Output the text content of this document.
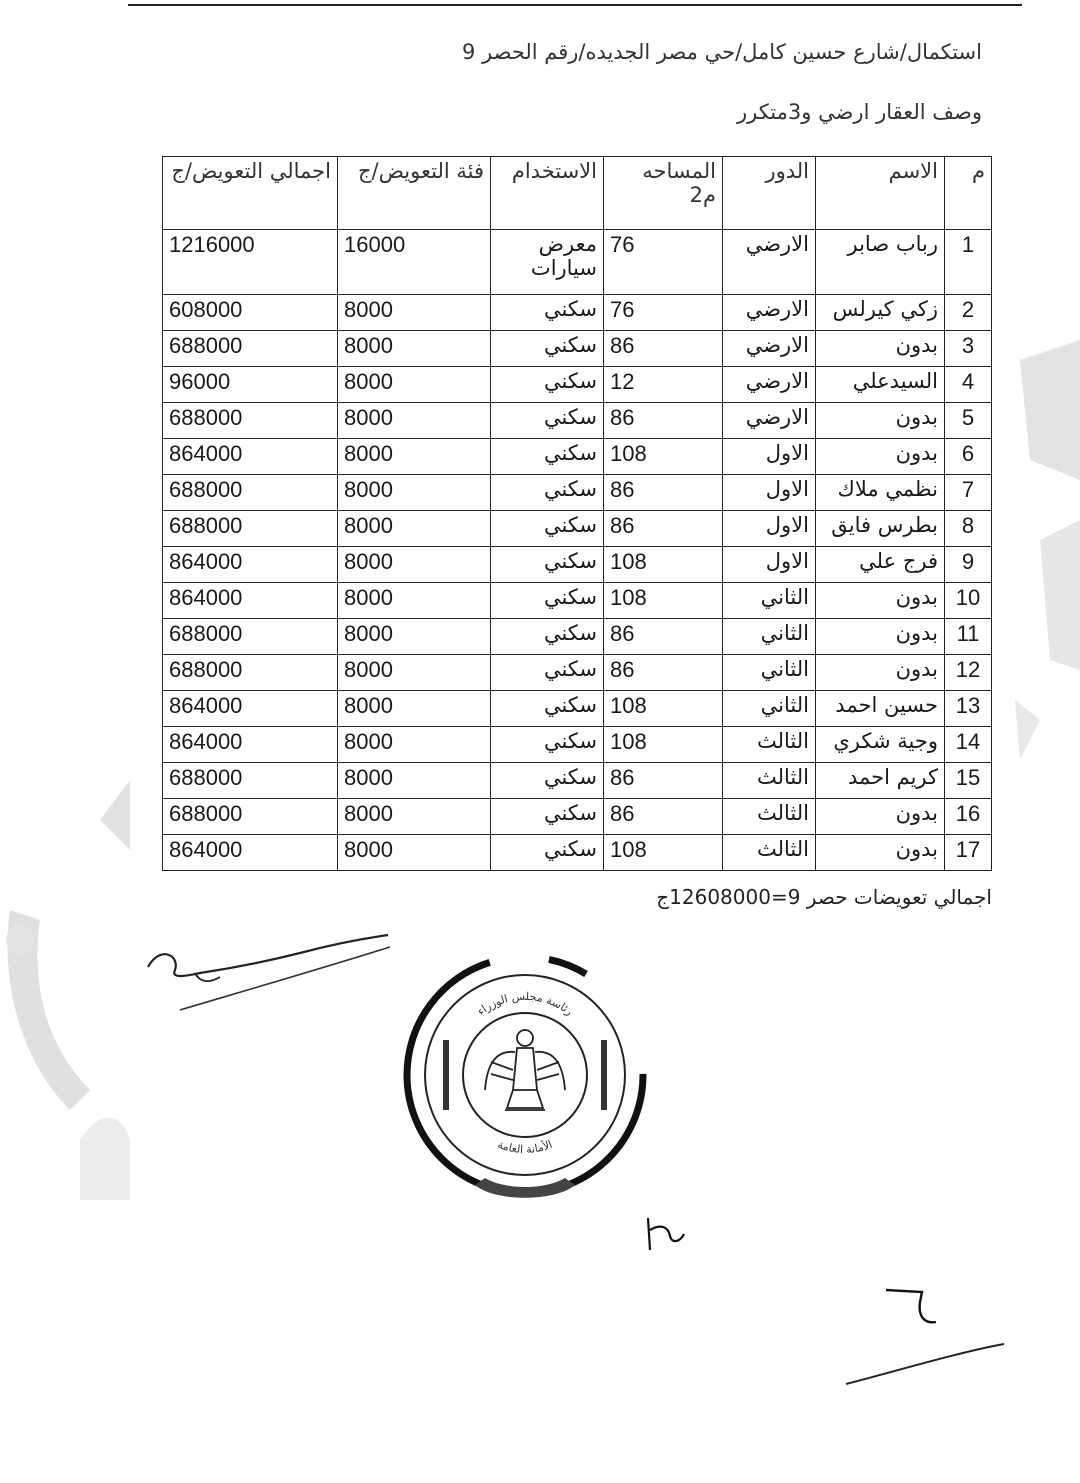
استكمال/شارع حسين كامل/حي مصر الجديده/رقم الحصر 9
وصف العقار ارضي و3متكرر
م	الاسم	الدور	المساحه م2	الاستخدام	فئة التعويض/ج	اجمالي التعويض/ج
1	رباب صابر	الارضي	76	معرض سيارات	16000	1216000
2	زكي كيرلس	الارضي	76	سكني	8000	608000
3	بدون	الارضي	86	سكني	8000	688000
4	السيدعلي	الارضي	12	سكني	8000	96000
5	بدون	الارضي	86	سكني	8000	688000
6	بدون	الاول	108	سكني	8000	864000
7	نظمي ملاك	الاول	86	سكني	8000	688000
8	بطرس فايق	الاول	86	سكني	8000	688000
9	فرج علي	الاول	108	سكني	8000	864000
10	بدون	الثاني	108	سكني	8000	864000
11	بدون	الثاني	86	سكني	8000	688000
12	بدون	الثاني	86	سكني	8000	688000
13	حسين احمد	الثاني	108	سكني	8000	864000
14	وجية شكري	الثالث	108	سكني	8000	864000
15	كريم احمد	الثالث	86	سكني	8000	688000
16	بدون	الثالث	86	سكني	8000	688000
17	بدون	الثالث	108	سكني	8000	864000
اجمالي تعويضات حصر 9=12608000ج
رئاسة مجلس الوزراء
الأمانة العامة
